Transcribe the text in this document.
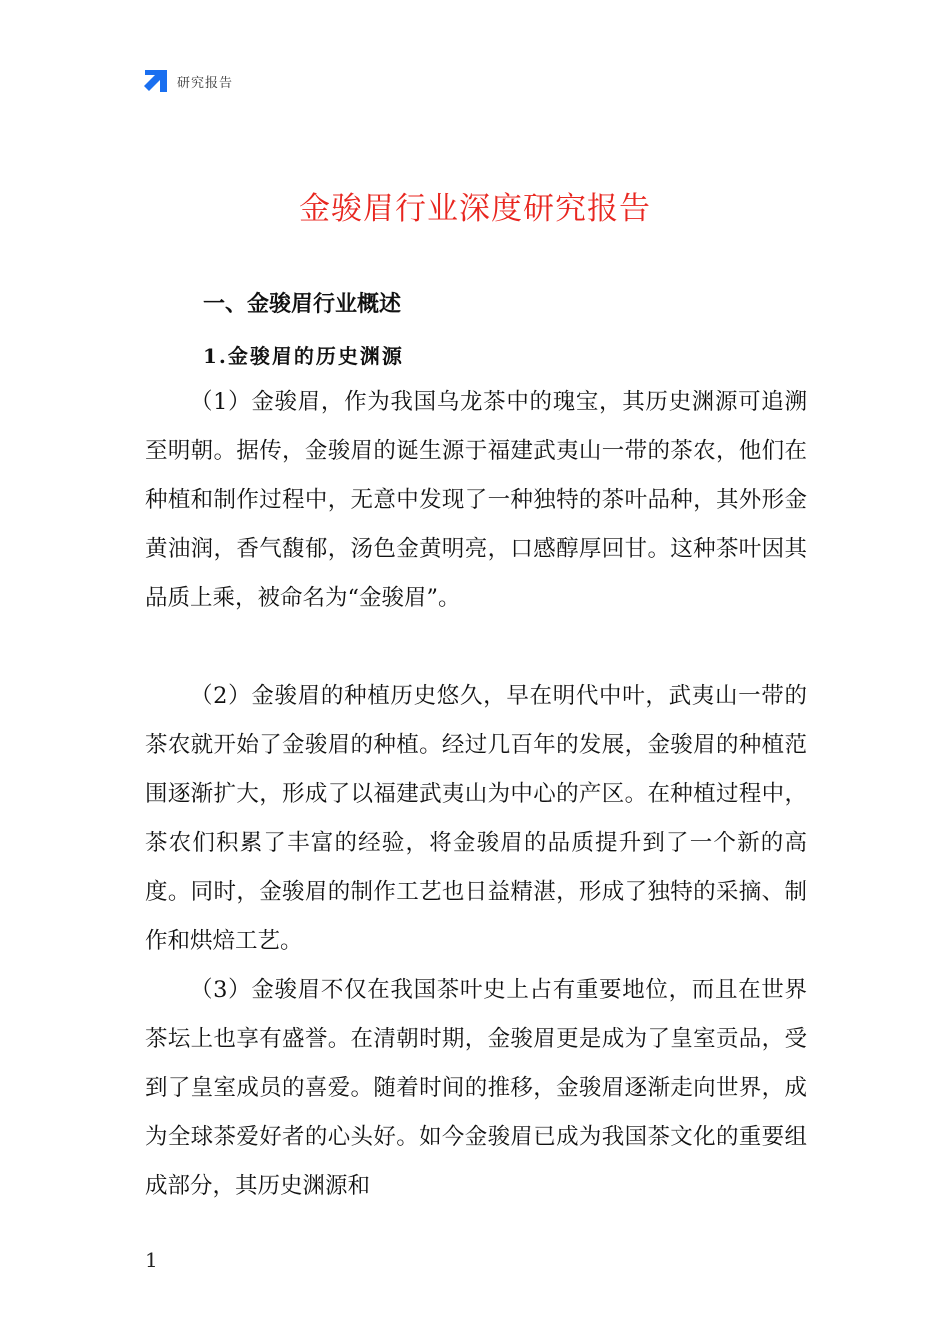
研究报告
金骏眉行业深度研究报告
一、金骏眉行业概述
1.金骏眉的历史渊源

（1）金骏眉，作为我国乌龙茶中的瑰宝，其历史渊源可追溯至明朝。据传，金骏眉的诞生源于福建武夷山一带的茶农，他们在种植和制作过程中，无意中发现了一种独特的茶叶品种，其外形金黄油润，香气馥郁，汤色金黄明亮，口感醇厚回甘。这种茶叶因其品质上乘，被命名为“金骏眉”。

（2）金骏眉的种植历史悠久，早在明代中叶，武夷山一带的茶农就开始了金骏眉的种植。经过几百年的发展，金骏眉的种植范围逐渐扩大，形成了以福建武夷山为中心的产区。在种植过程中，茶农们积累了丰富的经验，将金骏眉的品质提升到了一个新的高度。同时，金骏眉的制作工艺也日益精湛，形成了独特的采摘、制作和烘焙工艺。

（3）金骏眉不仅在我国茶叶史上占有重要地位，而且在世界茶坛上也享有盛誉。在清朝时期，金骏眉更是成为了皇室贡品，受到了皇室成员的喜爱。随着时间的推移，金骏眉逐渐走向世界，成为全球茶爱好者的心头好。如今金骏眉已成为我国茶文化的重要组成部分，其历史渊源和

1
